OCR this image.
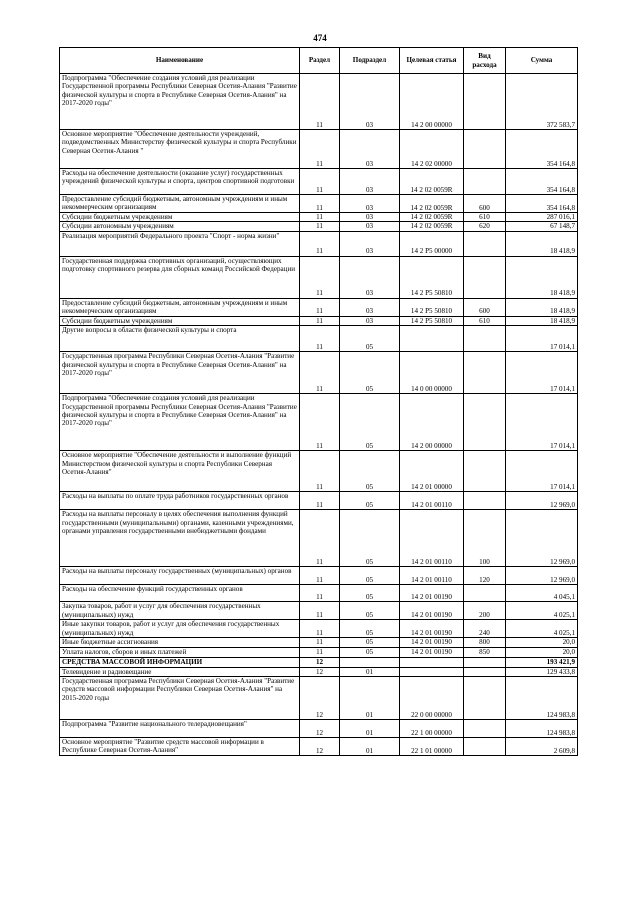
474
Наименование	Раздел	Подраздел	Целевая статья	Вид расхода	Сумма
Подпрограмма "Обеспечение создания условий для реализации Государственной программы Республики Северная Осетия-Алания "Развитие физической культуры и спорта в Республике Северная Осетия-Алания" на 2017-2020 годы"	11	03	14 2 00 00000		372 583,7
Основное мероприятие "Обеспечение деятельности учреждений, подведомственных Министерству физической культуры и спорта Республики Северная Осетия-Алания "	11	03	14 2 02 00000		354 164,8
Расходы на обеспечение деятельности (оказание услуг) государственных учреждений физической культуры и спорта, центров спортивной подготовки	11	03	14 2 02 0059R		354 164,8
Предоставление субсидий бюджетным, автономным учреждениям и иным некоммерческим организациям	11	03	14 2 02 0059R	600	354 164,8
Субсидии бюджетным учреждениям	11	03	14 2 02 0059R	610	287 016,1
Субсидии автономным учреждениям	11	03	14 2 02 0059R	620	67 148,7
Реализация мероприятий Федерального проекта "Спорт - норма жизни"	11	03	14 2 P5 00000		18 418,9
Государственная поддержка спортивных организаций, осуществляющих подготовку спортивного резерва для сборных команд Российской Федерации	11	03	14 2 P5 50810		18 418,9
Предоставление субсидий бюджетным, автономным учреждениям и иным некоммерческим организациям	11	03	14 2 P5 50810	600	18 418,9
Субсидии бюджетным учреждениям	11	03	14 2 P5 50810	610	18 418,9
Другие вопросы в области физической культуры и спорта	11	05			17 014,1
Государственная программа Республики Северная Осетия-Алания "Развитие физической культуры и спорта в Республике Северная Осетия-Алания" на 2017-2020 годы"	11	05	14 0 00 00000		17 014,1
Подпрограмма "Обеспечение создания условий для реализации Государственной программы Республики Северная Осетия-Алания "Развитие физической культуры и спорта в Республике Северная Осетия-Алания" на 2017-2020 годы"	11	05	14 2 00 00000		17 014,1
Основное мероприятие "Обеспечение деятельности и выполнение функций Министерством физической культуры и спорта Республики Северная Осетия-Алания"	11	05	14 2 01 00000		17 014,1
Расходы на выплаты по оплате труда работников государственных органов	11	05	14 2 01 00110		12 969,0
Расходы на выплаты персоналу в целях обеспечения выполнения функций государственными (муниципальными) органами, казенными учреждениями, органами управления государственными внебюджетными фондами	11	05	14 2 01 00110	100	12 969,0
Расходы на выплаты персоналу государственных (муниципальных) органов	11	05	14 2 01 00110	120	12 969,0
Расходы на обеспечение функций государственных органов	11	05	14 2 01 00190		4 045,1
Закупка товаров, работ и услуг для обеспечения государственных (муниципальных) нужд	11	05	14 2 01 00190	200	4 025,1
Иные закупки товаров, работ и услуг для обеспечения государственных (муниципальных) нужд	11	05	14 2 01 00190	240	4 025,1
Иные бюджетные ассигнования	11	05	14 2 01 00190	800	20,0
Уплата налогов, сборов и иных платежей	11	05	14 2 01 00190	850	20,0
СРЕДСТВА МАССОВОЙ ИНФОРМАЦИИ	12				193 421,9
Телевидение и радиовещание	12	01			129 433,8
Государственная программа Республики Северная Осетия-Алания "Развитие средств массовой информации Республики Северная Осетия-Алания" на 2015-2020 годы	12	01	22 0 00 00000		124 983,8
Подпрограмма "Развитие национального телерадиовещания"	12	01	22 1 00 00000		124 983,8
Основное мероприятие "Развитие средств массовой информации в Республике Северная Осетия-Алания"	12	01	22 1 01 00000		2 609,8
